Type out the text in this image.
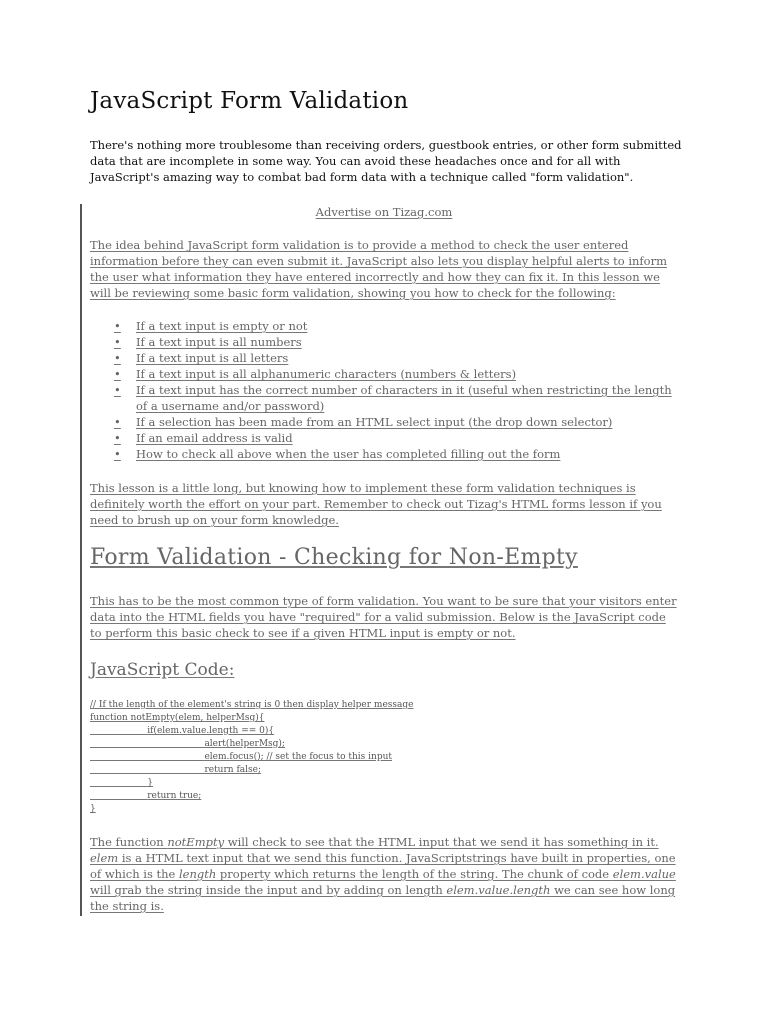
JavaScript Form Validation
There's nothing more troublesome than receiving orders, guestbook entries, or other form submitted data that are incomplete in some way. You can avoid these headaches once and for all with JavaScript's amazing way to combat bad form data with a technique called "form validation".
Advertise on Tizag.com
The idea behind JavaScript form validation is to provide a method to check the user entered information before they can even submit it. JavaScript also lets you display helpful alerts to inform the user what information they have entered incorrectly and how they can fix it. In this lesson we will be reviewing some basic form validation, showing you how to check for the following:
•	If a text input is empty or not
•	If a text input is all numbers
•	If a text input is all letters
•	If a text input is all alphanumeric characters (numbers & letters)
•	If a text input has the correct number of characters in it (useful when restricting the length of a username and/or password)
•	If a selection has been made from an HTML select input (the drop down selector)
•	If an email address is valid
•	How to check all above when the user has completed filling out the form
This lesson is a little long, but knowing how to implement these form validation techniques is definitely worth the effort on your part. Remember to check out Tizag's HTML forms lesson if you need to brush up on your form knowledge.
Form Validation - Checking for Non-Empty
This has to be the most common type of form validation. You want to be sure that your visitors enter data into the HTML fields you have "required" for a valid submission. Below is the JavaScript code to perform this basic check to see if a given HTML input is empty or not.
JavaScript Code:
// If the length of the element's string is 0 then display helper message
function notEmpty(elem, helperMsg){
if(elem.value.length == 0){
alert(helperMsg);
elem.focus(); // set the focus to this input
return false;
}
return true;
}
The function notEmpty will check to see that the HTML input that we send it has something in it. elem is a HTML text input that we send this function. JavaScriptstrings have built in properties, one of which is the length property which returns the length of the string. The chunk of code elem.value will grab the string inside the input and by adding on length elem.value.length we can see how long the string is.
